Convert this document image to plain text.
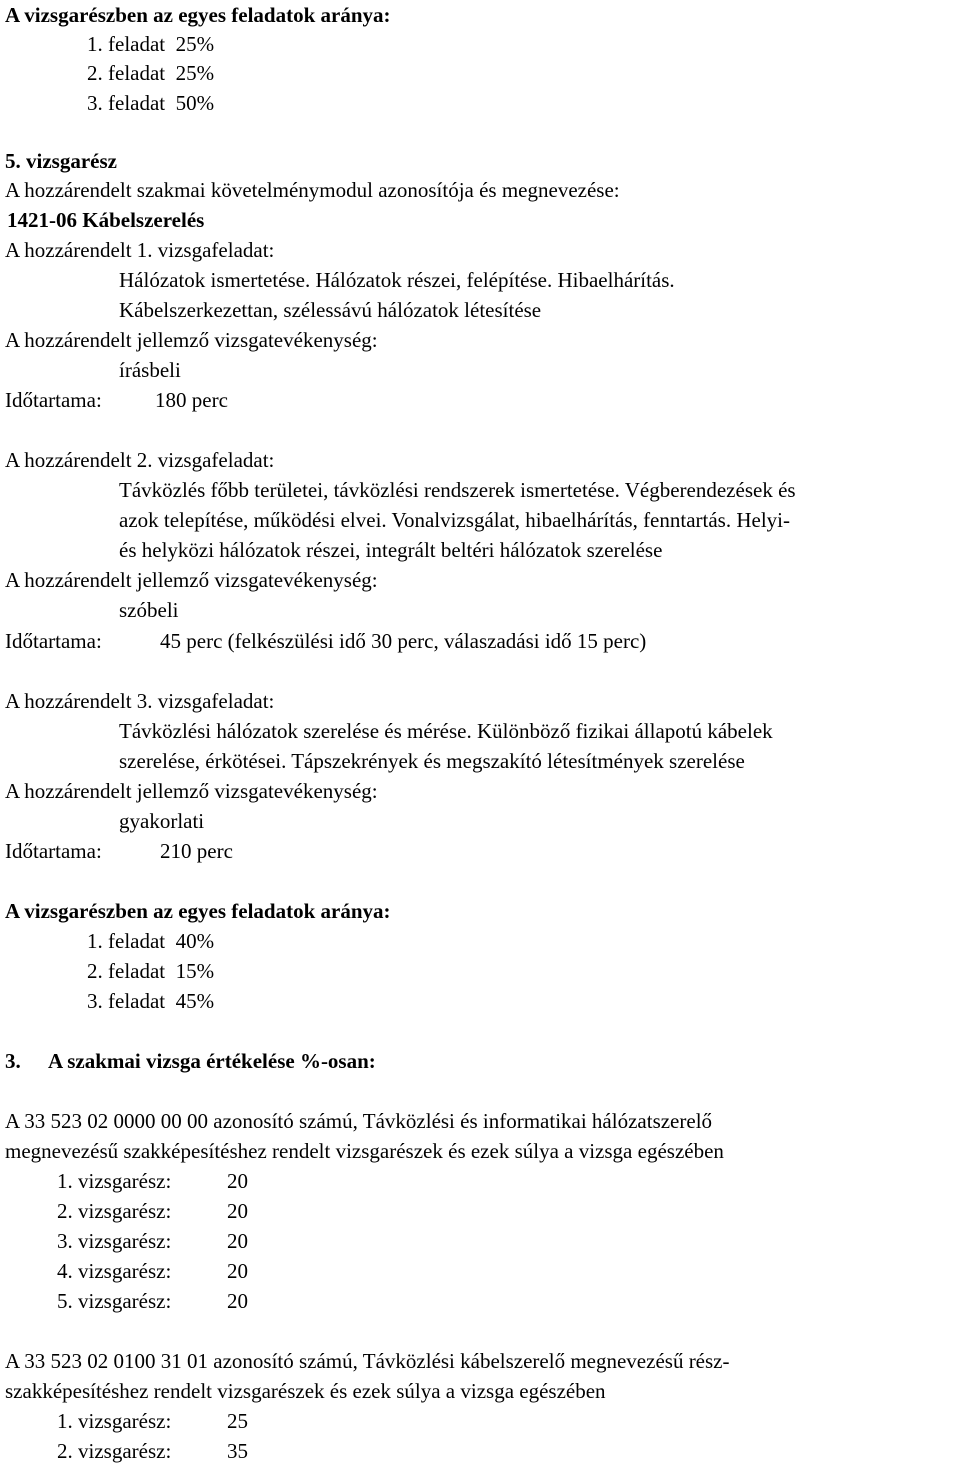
A vizsgarészben az egyes feladatok aránya:
1. feladat  25%
2. feladat  25%
3. feladat  50%
5. vizsgarész
A hozzárendelt szakmai követelménymodul azonosítója és megnevezése:
1421-06 Kábelszerelés
A hozzárendelt 1. vizsgafeladat:
Hálózatok ismertetése. Hálózatok részei, felépítése. Hibaelhárítás.
Kábelszerkezettan, szélessávú hálózatok létesítése
A hozzárendelt jellemző vizsgatevékenység:
írásbeli
Időtartama:	180 perc
A hozzárendelt 2. vizsgafeladat:
Távközlés főbb területei, távközlési rendszerek ismertetése. Végberendezések és
azok telepítése, működési elvei. Vonalvizsgálat, hibaelhárítás, fenntartás. Helyi-
és helyközi hálózatok részei, integrált beltéri hálózatok szerelése
A hozzárendelt jellemző vizsgatevékenység:
szóbeli
Időtartama:	45 perc (felkészülési idő 30 perc, válaszadási idő 15 perc)
A hozzárendelt 3. vizsgafeladat:
Távközlési hálózatok szerelése és mérése. Különböző fizikai állapotú kábelek
szerelése, érkötései. Tápszekrények és megszakító létesítmények szerelése
A hozzárendelt jellemző vizsgatevékenység:
gyakorlati
Időtartama:	210 perc
A vizsgarészben az egyes feladatok aránya:
1. feladat  40%
2. feladat  15%
3. feladat  45%
3. A szakmai vizsga értékelése %-osan:
A 33 523 02 0000 00 00 azonosító számú, Távközlési és informatikai hálózatszerelő
megnevezésű szakképesítéshez rendelt vizsgarészek és ezek súlya a vizsga egészében
1. vizsgarész:	20
2. vizsgarész:	20
3. vizsgarész:	20
4. vizsgarész:	20
5. vizsgarész:	20
A 33 523 02 0100 31 01 azonosító számú, Távközlési kábelszerelő megnevezésű rész-
szakképesítéshez rendelt vizsgarészek és ezek súlya a vizsga egészében
1. vizsgarész:	25
2. vizsgarész:	35
